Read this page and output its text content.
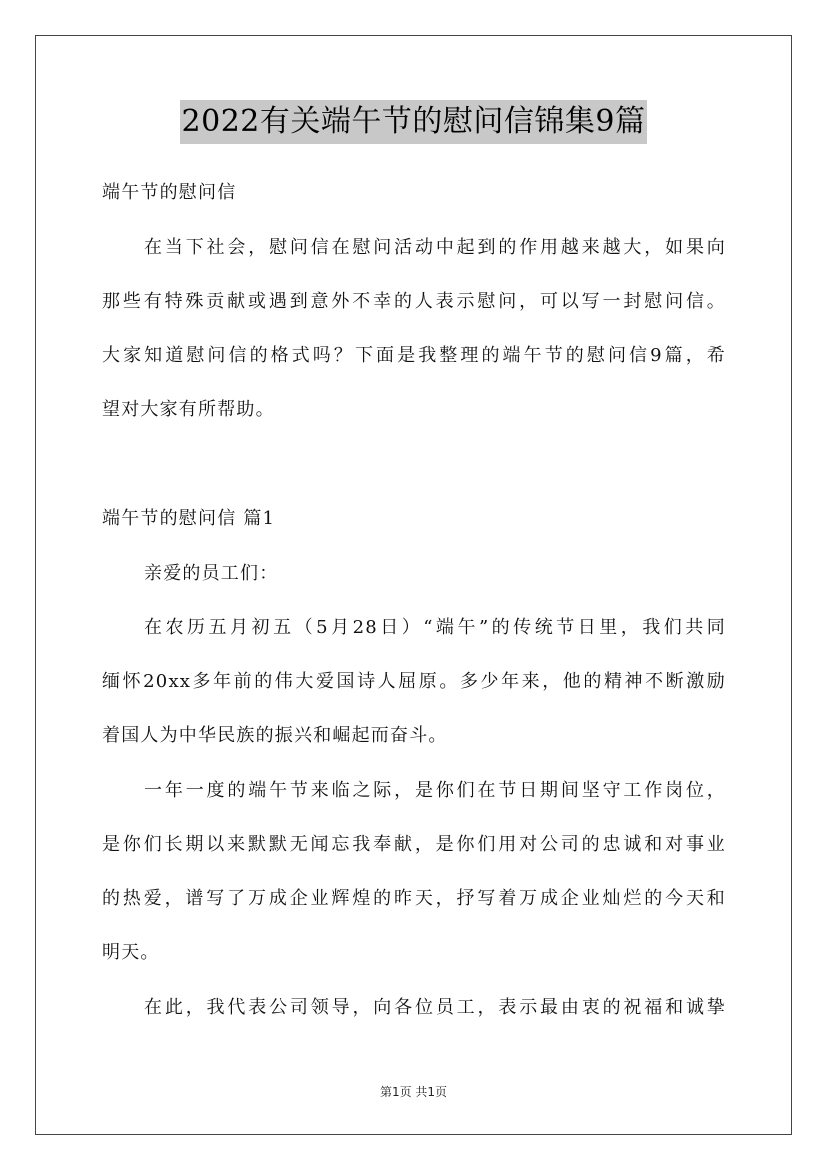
2022有关端午节的慰问信锦集9篇
端午节的慰问信
在当下社会，慰问信在慰问活动中起到的作用越来越大，如果向
那些有特殊贡献或遇到意外不幸的人表示慰问，可以写一封慰问信。
大家知道慰问信的格式吗？下面是我整理的端午节的慰问信9篇，希
望对大家有所帮助。
端午节的慰问信 篇1
亲爱的员工们：
在农历五月初五（5月28日）“端午”的传统节日里，我们共同
缅怀20xx多年前的伟大爱国诗人屈原。多少年来，他的精神不断激励
着国人为中华民族的振兴和崛起而奋斗。
一年一度的端午节来临之际，是你们在节日期间坚守工作岗位，
是你们长期以来默默无闻忘我奉献，是你们用对公司的忠诚和对事业
的热爱，谱写了万成企业辉煌的昨天，抒写着万成企业灿烂的今天和
明天。
在此，我代表公司领导，向各位员工，表示最由衷的祝福和诚挚
第1页 共1页
